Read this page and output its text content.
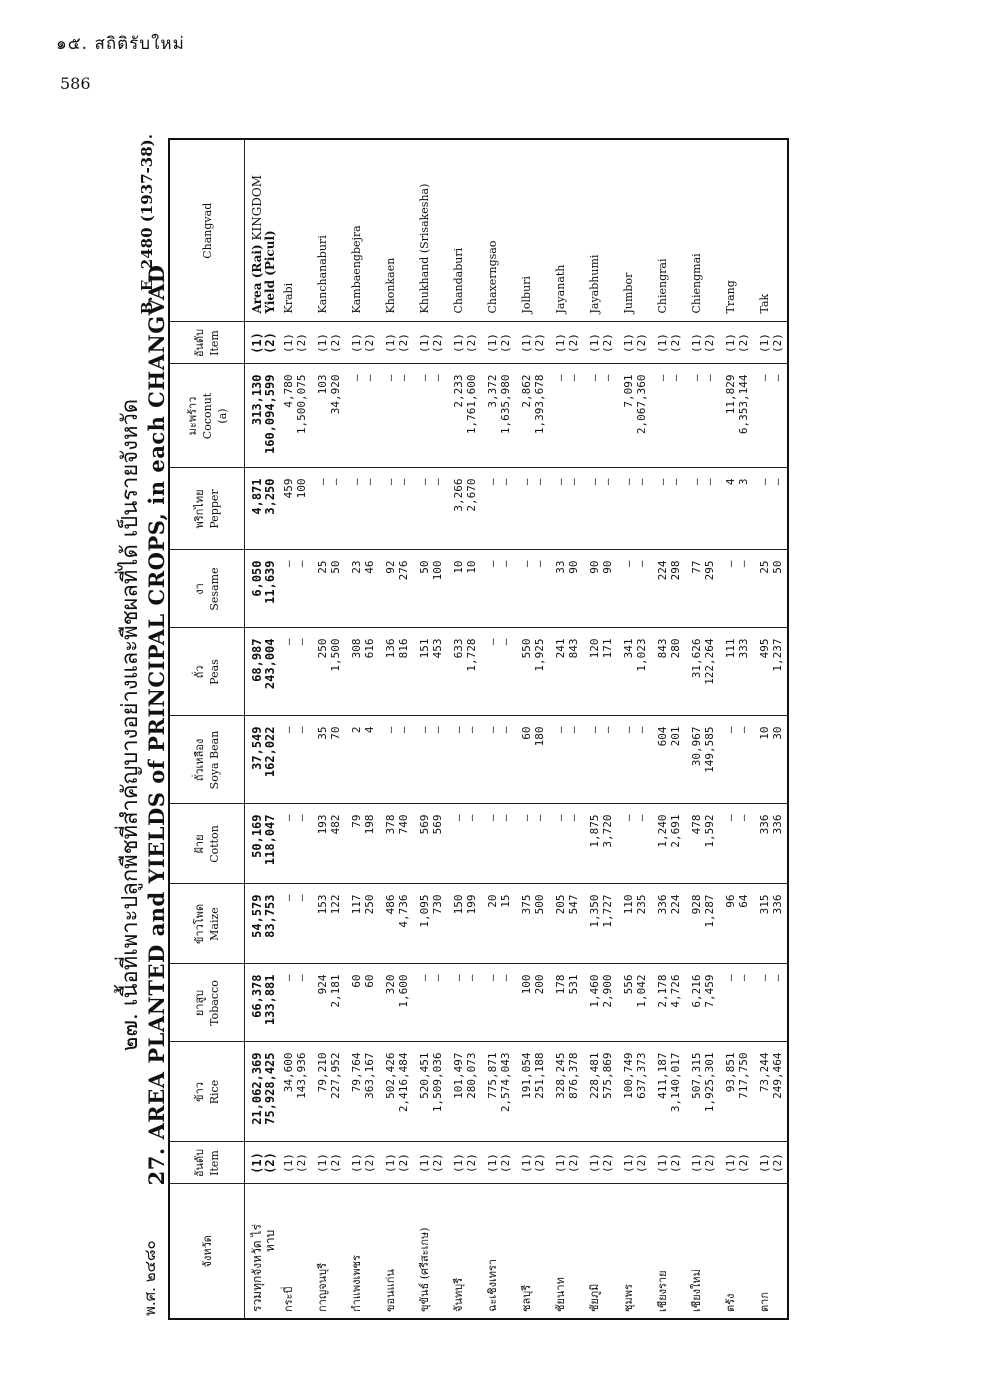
๑๕. สถิติรับใหม่
586
๒๗. เนื้อที่เพาะปลูกพืชที่สำคัญบางอย่างและพืชผลที่ได้ เป็นรายจังหวัด
พ.ศ. ๒๔๘๐
27. AREA PLANTED and YIELDS of PRINCIPAL CROPS, in each CHANGVAD
B. E. 2480 (1937-38).
จังหวัด	อันดับ Item	ข้าว Rice	ยาสูบ Tobacco	ข้าวโพด Maize	ฝ้าย Cotton	ถั่วเหลือง Soya Bean	ถั่ว Peas	งา Sesame	พริกไทย Pepper	มะพร้าว Coconut (a)	อันดับ Item	Changvad

รวมทุกจังหวัด ไร่ หาบ	(1) (2)	21,062,369 75,928,425	66,378 133,881	54,579 83,753	50,169 118,047	37,549 162,022	68,987 243,004	6,050 11,639	4,871 3,250	313,130 160,094,599	(1) (2)	Area (Rai) KINGDOM
Yield (Picul)

กระบี่	(1) (2)	34,600 143,936	— —	— —	— —	— —	— —	— —	459 100	4,780 1,500,075	(1) (2)	Krabi
กาญจนบุรี	(1) (2)	79,210 227,952	924 2,181	153 122	193 482	35 70	250 1,500	25 50	— —	103 34,920	(1) (2)	Kanchanaburi
กำแพงเพชร	(1) (2)	79,764 363,167	60 60	117 250	79 198	2 4	308 616	23 46	— —	— —	(1) (2)	Kambaengbejra
ขอนแก่น	(1) (2)	502,426 2,416,484	320 1,600	486 4,736	378 740	— —	136 816	92 276	— —	— —	(1) (2)	Khonkaen
ขุขันธ์ (ศรีสะเกษ)	(1) (2)	520,451 1,509,036	— —	1,095 730	569 569	— —	151 453	50 100	— —	— —	(1) (2)	Khukhand (Srisakesha)
จันทบุรี	(1) (2)	101,497 280,073	— —	150 199	— —	— —	633 1,728	10 10	3,266 2,670	2,233 1,761,600	(1) (2)	Chandaburi
ฉะเชิงเทรา	(1) (2)	775,871 2,574,043	— —	20 15	— —	— —	— —	— —	— —	3,372 1,635,980	(1) (2)	Chaxerngsao
ชลบุรี	(1) (2)	191,054 251,188	100 200	375 500	— —	60 180	550 1,925	— —	— —	2,862 1,393,678	(1) (2)	Jolburi
ชัยนาท	(1) (2)	328,245 876,378	178 531	205 547	— —	— —	241 843	33 90	— —	— —	(1) (2)	Jayanath
ชัยภูมิ	(1) (2)	228,481 575,869	1,460 2,900	1,350 1,727	1,875 3,720	— —	120 171	90 90	— —	— —	(1) (2)	Jayabhumi
ชุมพร	(1) (2)	100,749 637,373	556 1,042	110 235	— —	— —	341 1,023	— —	— —	7,091 2,067,360	(1) (2)	Jumbor
เชียงราย	(1) (2)	411,187 3,140,017	2,178 4,726	336 224	1,240 2,691	604 201	843 280	224 298	— —	— —	(1) (2)	Chiengrai
เชียงใหม่	(1) (2)	507,315 1,925,301	6,216 7,459	928 1,287	478 1,592	30,967 149,585	31,626 122,264	77 295	— —	— —	(1) (2)	Chiengmai
ตรัง	(1) (2)	93,851 717,750	— —	96 64	— —	— —	111 333	— —	4 3	11,829 6,353,144	(1) (2)	Trang
ตาก	(1) (2)	73,244 249,464	— —	315 336	336 336	10 30	495 1,237	25 50	— —	— —	(1) (2)	Tak
